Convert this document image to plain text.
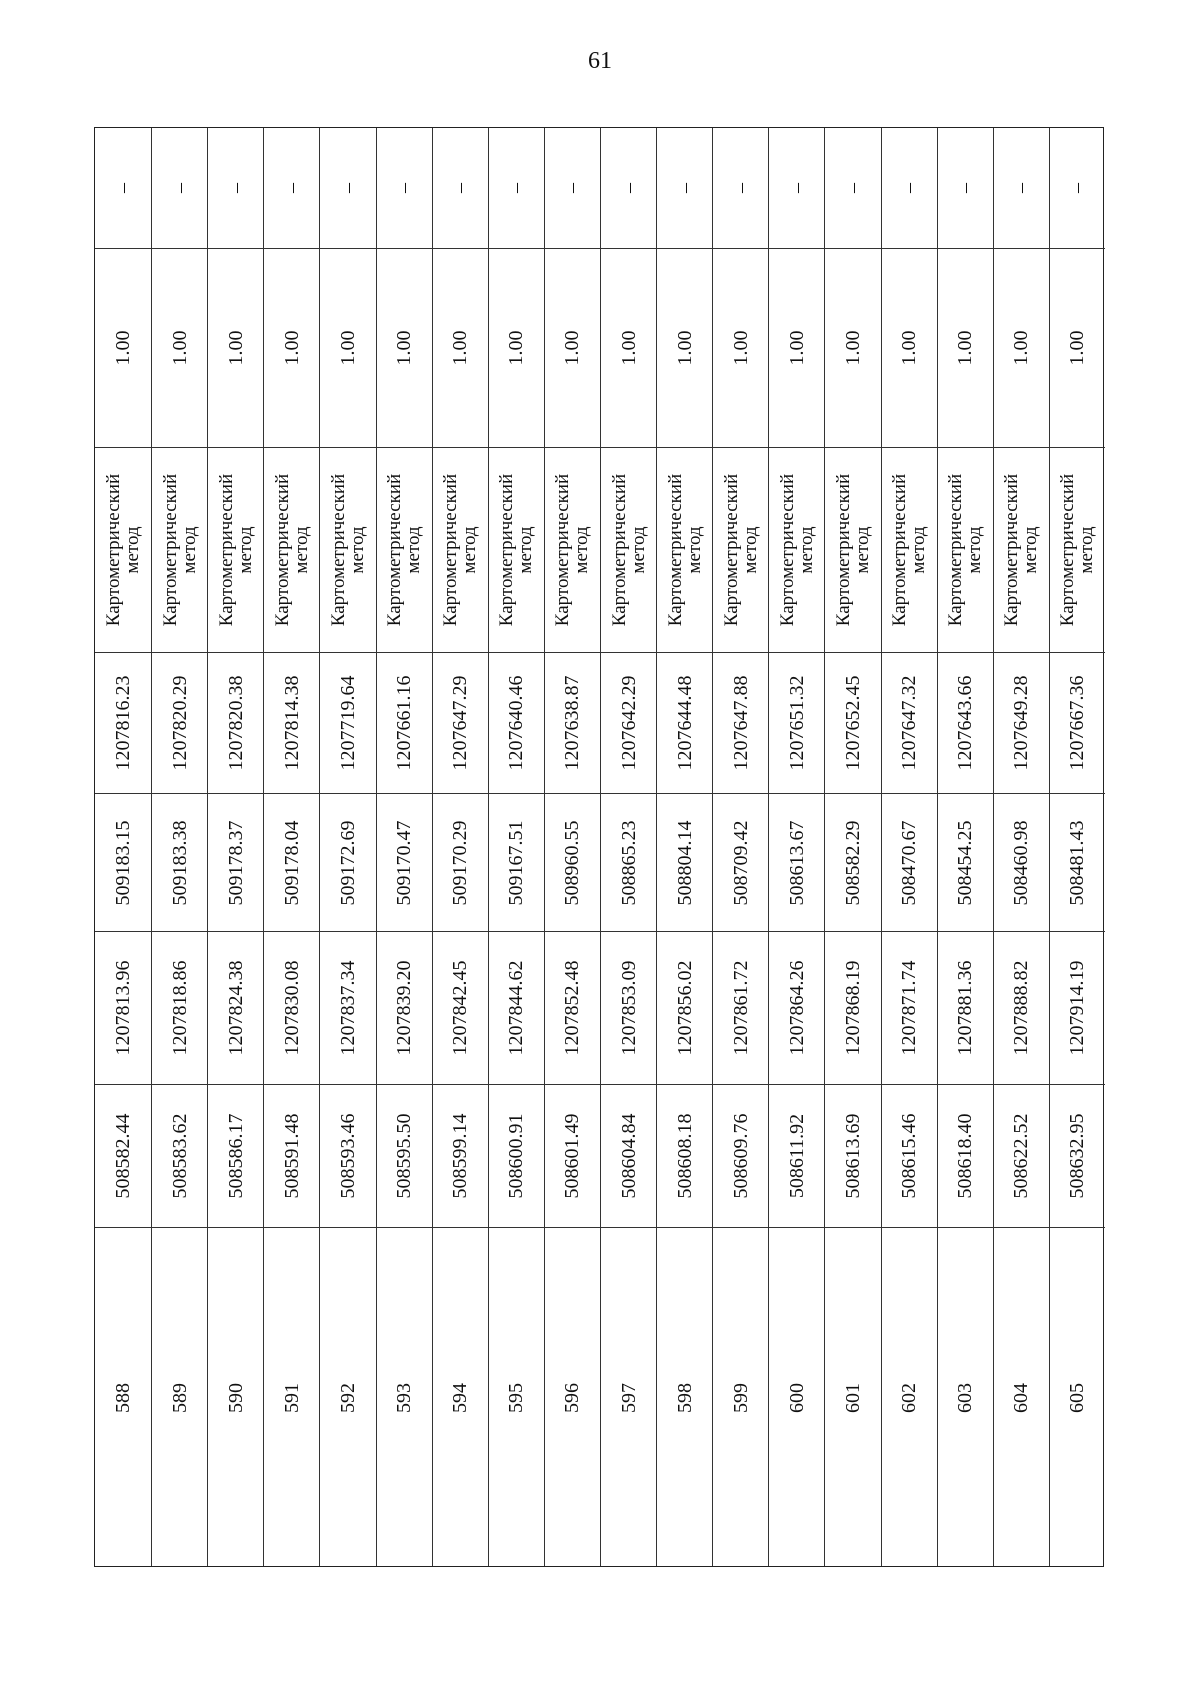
61
–
1.00
Картометрический
метод
1207816.23
509183.15
1207813.96
508582.44
588
–
1.00
Картометрический
метод
1207820.29
509183.38
1207818.86
508583.62
589
–
1.00
Картометрический
метод
1207820.38
509178.37
1207824.38
508586.17
590
–
1.00
Картометрический
метод
1207814.38
509178.04
1207830.08
508591.48
591
–
1.00
Картометрический
метод
1207719.64
509172.69
1207837.34
508593.46
592
–
1.00
Картометрический
метод
1207661.16
509170.47
1207839.20
508595.50
593
–
1.00
Картометрический
метод
1207647.29
509170.29
1207842.45
508599.14
594
–
1.00
Картометрический
метод
1207640.46
509167.51
1207844.62
508600.91
595
–
1.00
Картометрический
метод
1207638.87
508960.55
1207852.48
508601.49
596
–
1.00
Картометрический
метод
1207642.29
508865.23
1207853.09
508604.84
597
–
1.00
Картометрический
метод
1207644.48
508804.14
1207856.02
508608.18
598
–
1.00
Картометрический
метод
1207647.88
508709.42
1207861.72
508609.76
599
–
1.00
Картометрический
метод
1207651.32
508613.67
1207864.26
508611.92
600
–
1.00
Картометрический
метод
1207652.45
508582.29
1207868.19
508613.69
601
–
1.00
Картометрический
метод
1207647.32
508470.67
1207871.74
508615.46
602
–
1.00
Картометрический
метод
1207643.66
508454.25
1207881.36
508618.40
603
–
1.00
Картометрический
метод
1207649.28
508460.98
1207888.82
508622.52
604
–
1.00
Картометрический
метод
1207667.36
508481.43
1207914.19
508632.95
605
